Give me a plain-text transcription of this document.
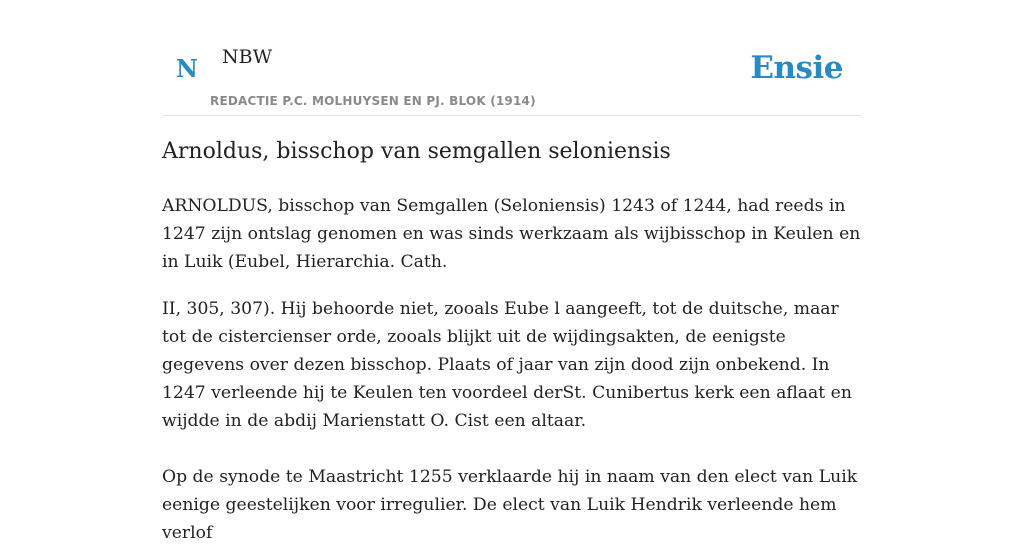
N NBW
REDACTIE P.C. MOLHUYSEN EN PJ. BLOK (1914)
Ensie
Arnoldus, bisschop van semgallen seloniensis

ARNOLDUS, bisschop van Semgallen (Seloniensis) 1243 of 1244, had reeds in 1247 zijn ontslag genomen en was sinds werkzaam als wijbisschop in Keulen en in Luik (Eubel, Hierarchia. Cath.

II, 305, 307). Hij behoorde niet, zooals Eube l aangeeft, tot de duitsche, maar tot de cistercienser orde, zooals blijkt uit de wijdingsakten, de eenigste gegevens over dezen bisschop. Plaats of jaar van zijn dood zijn onbekend. In 1247 verleende hij te Keulen ten voordeel derSt. Cunibertus kerk een aflaat en wijdde in de abdij Marienstatt O. Cist een altaar.

Op de synode te Maastricht 1255 verklaarde hij in naam van den elect van Luik eenige geestelijken voor irregulier. De elect van Luik Hendrik verleende hem verlof
